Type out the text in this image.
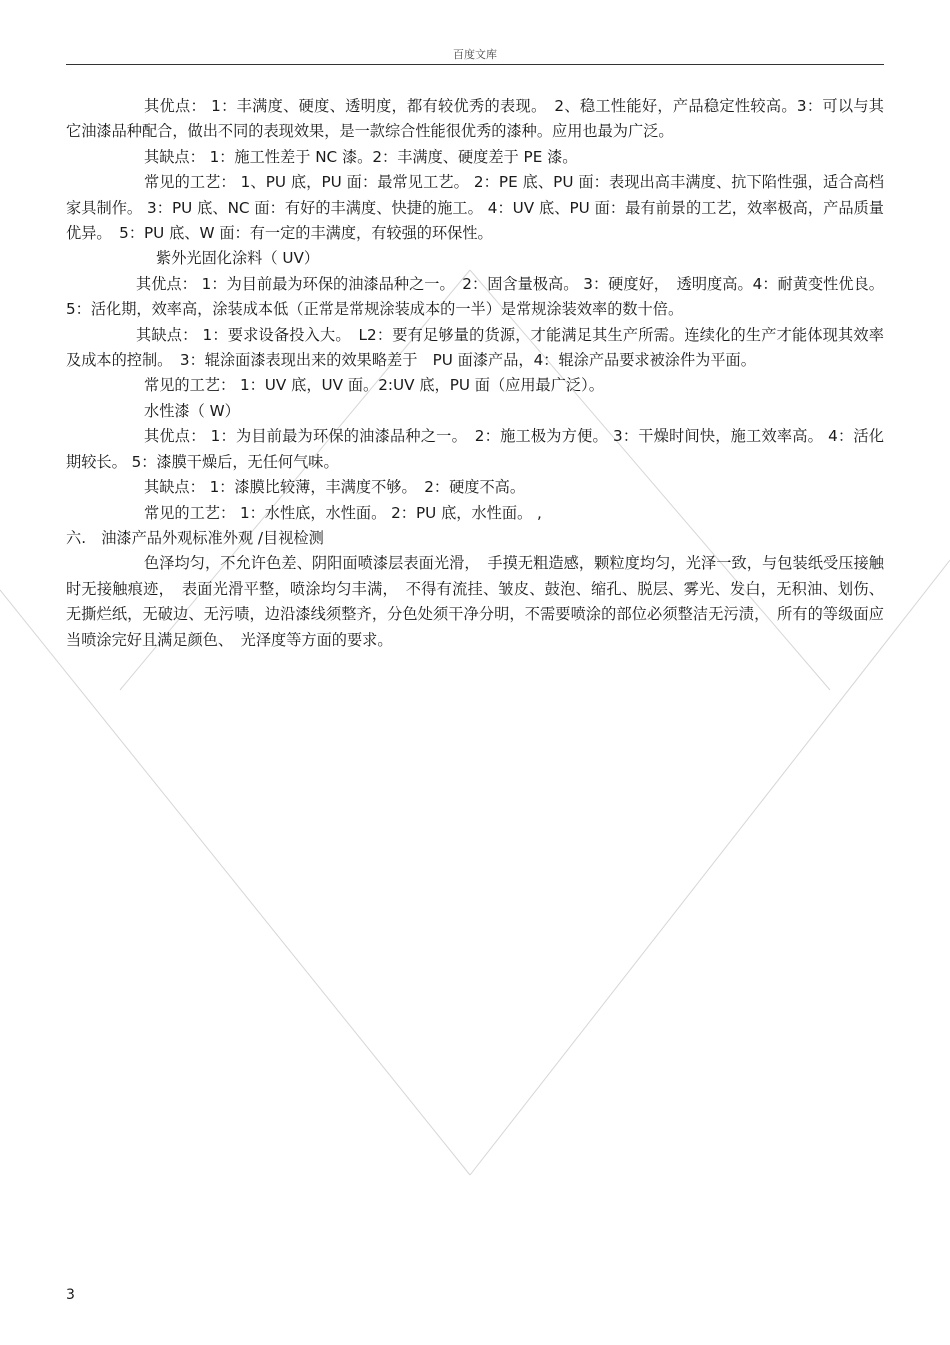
百度文库

其优点： 1：丰满度、硬度、透明度，都有较优秀的表现。　2、稳工性能好，产品稳定性较高。3：可以与其它油漆品种配合，做出不同的表现效果，是一款综合性能很优秀的漆种。应用也最为广泛。

其缺点： 1：施工性差于 NC 漆。2：丰满度、硬度差于 PE 漆。

常见的工艺： 1、PU 底，PU 面：最常见工艺。 2：PE 底、PU 面：表现出高丰满度、抗下陷性强，适合高档家具制作。 3：PU 底、NC 面：有好的丰满度、快捷的施工。 4：UV 底、PU 面：最有前景的工艺，效率极高，产品质量优异。　5：PU 底、W 面：有一定的丰满度，有较强的环保性。

紫外光固化涂料（ UV）

其优点： 1：为目前最为环保的油漆品种之一。　2：固含量极高。 3：硬度好，　透明度高。4：耐黄变性优良。 5：活化期，效率高，涂装成本低（正常是常规涂装成本的一半）是常规涂装效率的数十倍。

其缺点： 1：要求设备投入大。　L2：要有足够量的货源，才能满足其生产所需。连续化的生产才能体现其效率及成本的控制。　3：辊涂面漆表现出来的效果略差于　PU 面漆产品，4：辊涂产品要求被涂件为平面。

常见的工艺： 1：UV 底，UV 面。2:UV 底，PU 面（应用最广泛）。

水性漆（ W）

其优点： 1：为目前最为环保的油漆品种之一。　2：施工极为方便。 3：干燥时间快，施工效率高。 4：活化期较长。 5：漆膜干燥后，无任何气味。

其缺点： 1：漆膜比较薄，丰满度不够。　2：硬度不高。

常见的工艺： 1：水性底，水性面。 2：PU 底，水性面。 ,

六.　油漆产品外观标准外观 /目视检测

色泽均匀，不允许色差、阴阳面喷漆层表面光滑，　手摸无粗造感，颗粒度均匀，光泽一致，与包装纸受压接触时无接触痕迹，　表面光滑平整，喷涂均匀丰满，　不得有流挂、皱皮、鼓泡、缩孔、脱层、雾光、发白，无积油、划伤、无撕烂纸，无破边、无污啧，边沿漆线须整齐，分色处须干净分明，不需要喷涂的部位必须整洁无污渍，　所有的等级面应当喷涂完好且满足颜色、　光泽度等方面的要求。

3
